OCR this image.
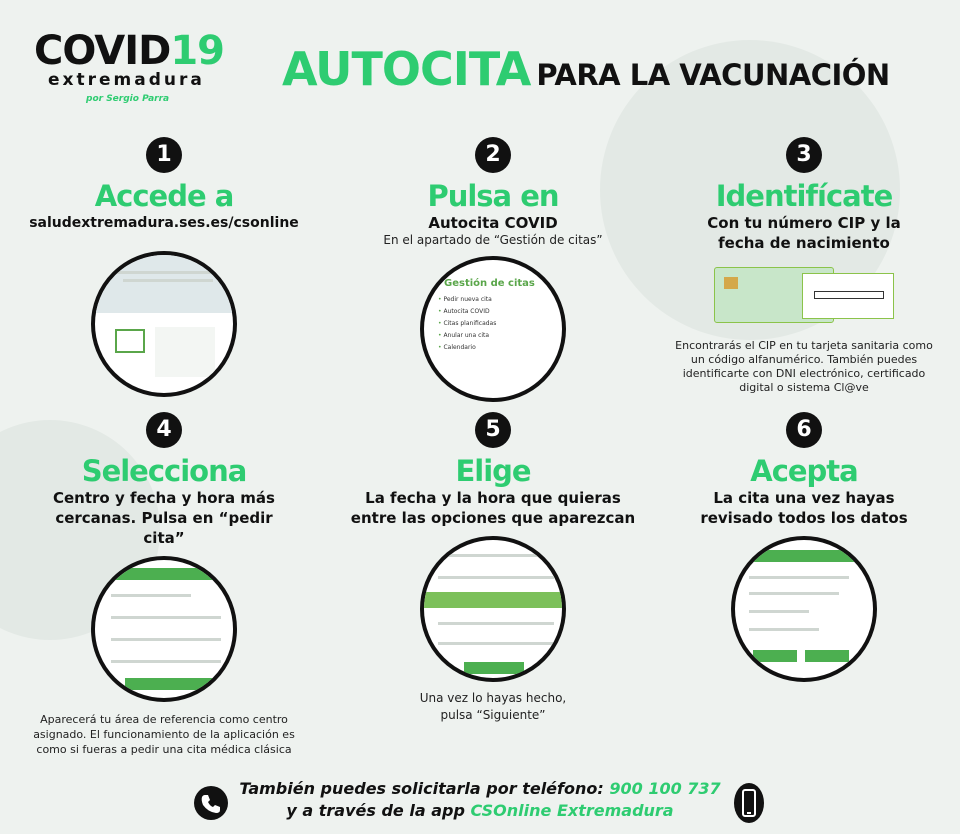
COVID19
extremadura
por Sergio Parra
AUTOCITA PARA LA VACUNACIÓN
1
Accede a
saludextremadura.ses.es/csonline
2
Pulsa en
Autocita COVID
En el apartado de “Gestión de citas”
Gestión de citas
• Pedir nueva cita
• Autocita COVID
• Citas planificadas
• Anular una cita
• Calendario
3
Identifícate
Con tu número CIP y la fecha de nacimiento
Encontrarás el CIP en tu tarjeta sanitaria como un código alfanumérico. También puedes identificarte con DNI electrónico, certificado digital o sistema Cl@ve
4
Selecciona
Centro y fecha y hora más cercanas. Pulsa en “pedir cita”
Aparecerá tu área de referencia como centro asignado. El funcionamiento de la aplicación es como si fueras a pedir una cita médica clásica
5
Elige
La fecha y la hora que quieras entre las opciones que aparezcan
Una vez lo hayas hecho, pulsa “Siguiente”
6
Acepta
La cita una vez hayas revisado todos los datos
También puedes solicitarla por teléfono: 900 100 737
y a través de la app CSOnline Extremadura
